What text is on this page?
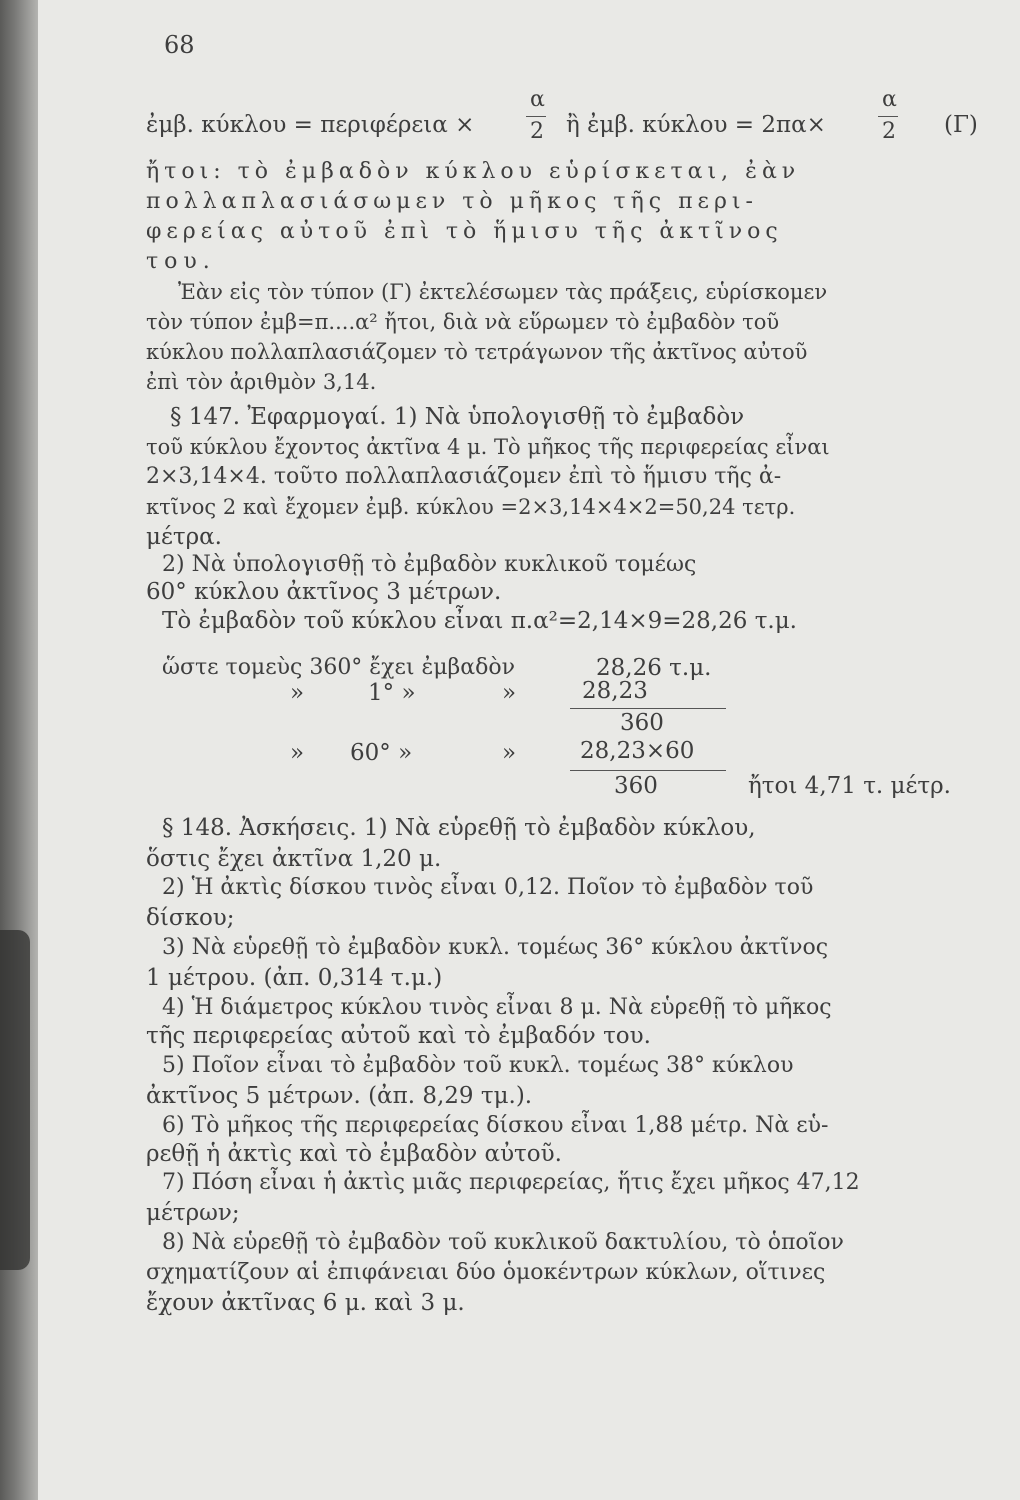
68
ἐμβ. κύκλου = περιφέρεια ×
α
2 ἢ ἐμβ. κύκλου = 2πα×
α
2 (Γ)
ἤτοι: τὸ ἐμβαδὸν κύκλου εὑρίσκεται, ἐὰν
πολλαπλασιάσωμεν τὸ μῆκος τῆς περι-
φερείας αὐτοῦ ἐπὶ τὸ ἥμισυ τῆς ἀκτῖνος
του.
Ἐὰν εἰς τὸν τύπον (Γ) ἐκτελέσωμεν τὰς πράξεις, εὑρίσκομεν
τὸν τύπον ἐμβ=π....α² ἤτοι, διὰ νὰ εὕρωμεν τὸ ἐμβαδὸν τοῦ
κύκλου πολλαπλασιάζομεν τὸ τετράγωνον τῆς ἀκτῖνος αὐτοῦ
ἐπὶ τὸν ἀριθμὸν 3,14.
§ 147. Ἐφαρμογαί. 1) Νὰ ὑπολογισθῇ τὸ ἐμβαδὸν
τοῦ κύκλου ἔχοντος ἀκτῖνα 4 μ. Τὸ μῆκος τῆς περιφερείας εἶναι
2×3,14×4. τοῦτο πολλαπλασιάζομεν ἐπὶ τὸ ἥμισυ τῆς ἀ-
κτῖνος 2 καὶ ἔχομεν ἐμβ. κύκλου =2×3,14×4×2=50,24 τετρ.
μέτρα.
2) Νὰ ὑπολογισθῇ τὸ ἐμβαδὸν κυκλικοῦ τομέως
60° κύκλου ἀκτῖνος 3 μέτρων.
Τὸ ἐμβαδὸν τοῦ κύκλου εἶναι π.α²=2,14×9=28,26 τ.μ.
ὥστε τομεὺς 360° ἔχει ἐμβαδὸν	28,26 τ.μ.
»	1° »	»	28,23
360
» 60° »	»	28,23×60
360	ἤτοι 4,71 τ. μέτρ.
§ 148. Ἀσκήσεις. 1) Νὰ εὑρεθῇ τὸ ἐμβαδὸν κύκλου,
ὅστις ἔχει ἀκτῖνα 1,20 μ.
2) Ἡ ἀκτὶς δίσκου τινὸς εἶναι 0,12. Ποῖον τὸ ἐμβαδὸν τοῦ
δίσκου;
3) Νὰ εὑρεθῇ τὸ ἐμβαδὸν κυκλ. τομέως 36° κύκλου ἀκτῖνος
1 μέτρου. (ἀπ. 0,314 τ.μ.)
4) Ἡ διάμετρος κύκλου τινὸς εἶναι 8 μ. Νὰ εὑρεθῇ τὸ μῆκος
τῆς περιφερείας αὐτοῦ καὶ τὸ ἐμβαδόν του.
5) Ποῖον εἶναι τὸ ἐμβαδὸν τοῦ κυκλ. τομέως 38° κύκλου
ἀκτῖνος 5 μέτρων. (ἀπ. 8,29 τμ.).
6) Τὸ μῆκος τῆς περιφερείας δίσκου εἶναι 1,88 μέτρ. Νὰ εὑ-
ρεθῇ ἡ ἀκτὶς καὶ τὸ ἐμβαδὸν αὐτοῦ.
7) Πόση εἶναι ἡ ἀκτὶς μιᾶς περιφερείας, ἥτις ἔχει μῆκος 47,12
μέτρων;
8) Νὰ εὑρεθῇ τὸ ἐμβαδὸν τοῦ κυκλικοῦ δακτυλίου, τὸ ὁποῖον
σχηματίζουν αἱ ἐπιφάνειαι δύο ὁμοκέντρων κύκλων, οἵτινες
ἔχουν ἀκτῖνας 6 μ. καὶ 3 μ.
